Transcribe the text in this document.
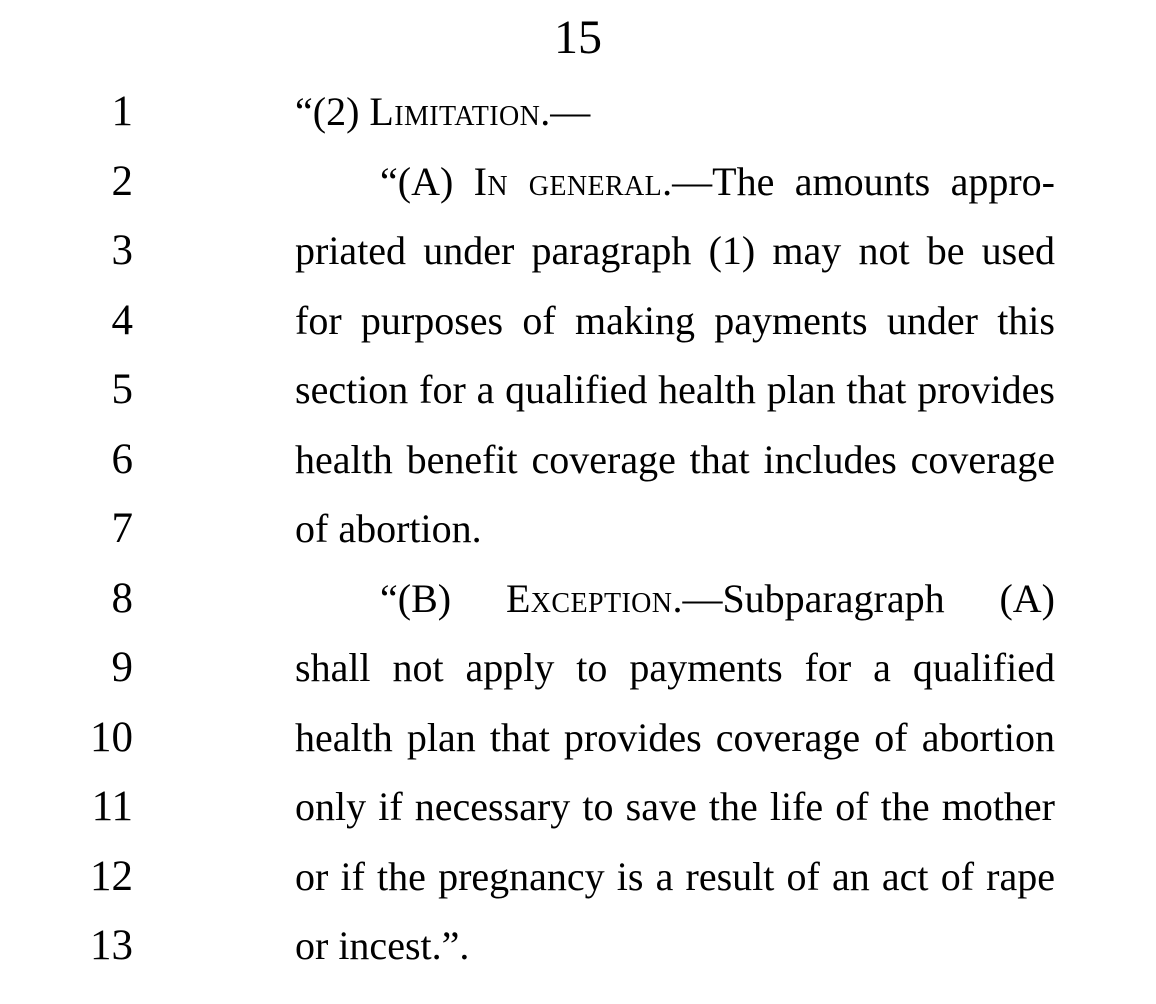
15
1	“(2) Limitation.—
2	“(A) In general.—The amounts appro-
3	priated under paragraph (1) may not be used
4	for purposes of making payments under this
5	section for a qualified health plan that provides
6	health benefit coverage that includes coverage
7	of abortion.
8	“(B) Exception.—Subparagraph (A)
9	shall not apply to payments for a qualified
10	health plan that provides coverage of abortion
11	only if necessary to save the life of the mother
12	or if the pregnancy is a result of an act of rape
13	or incest.”.
